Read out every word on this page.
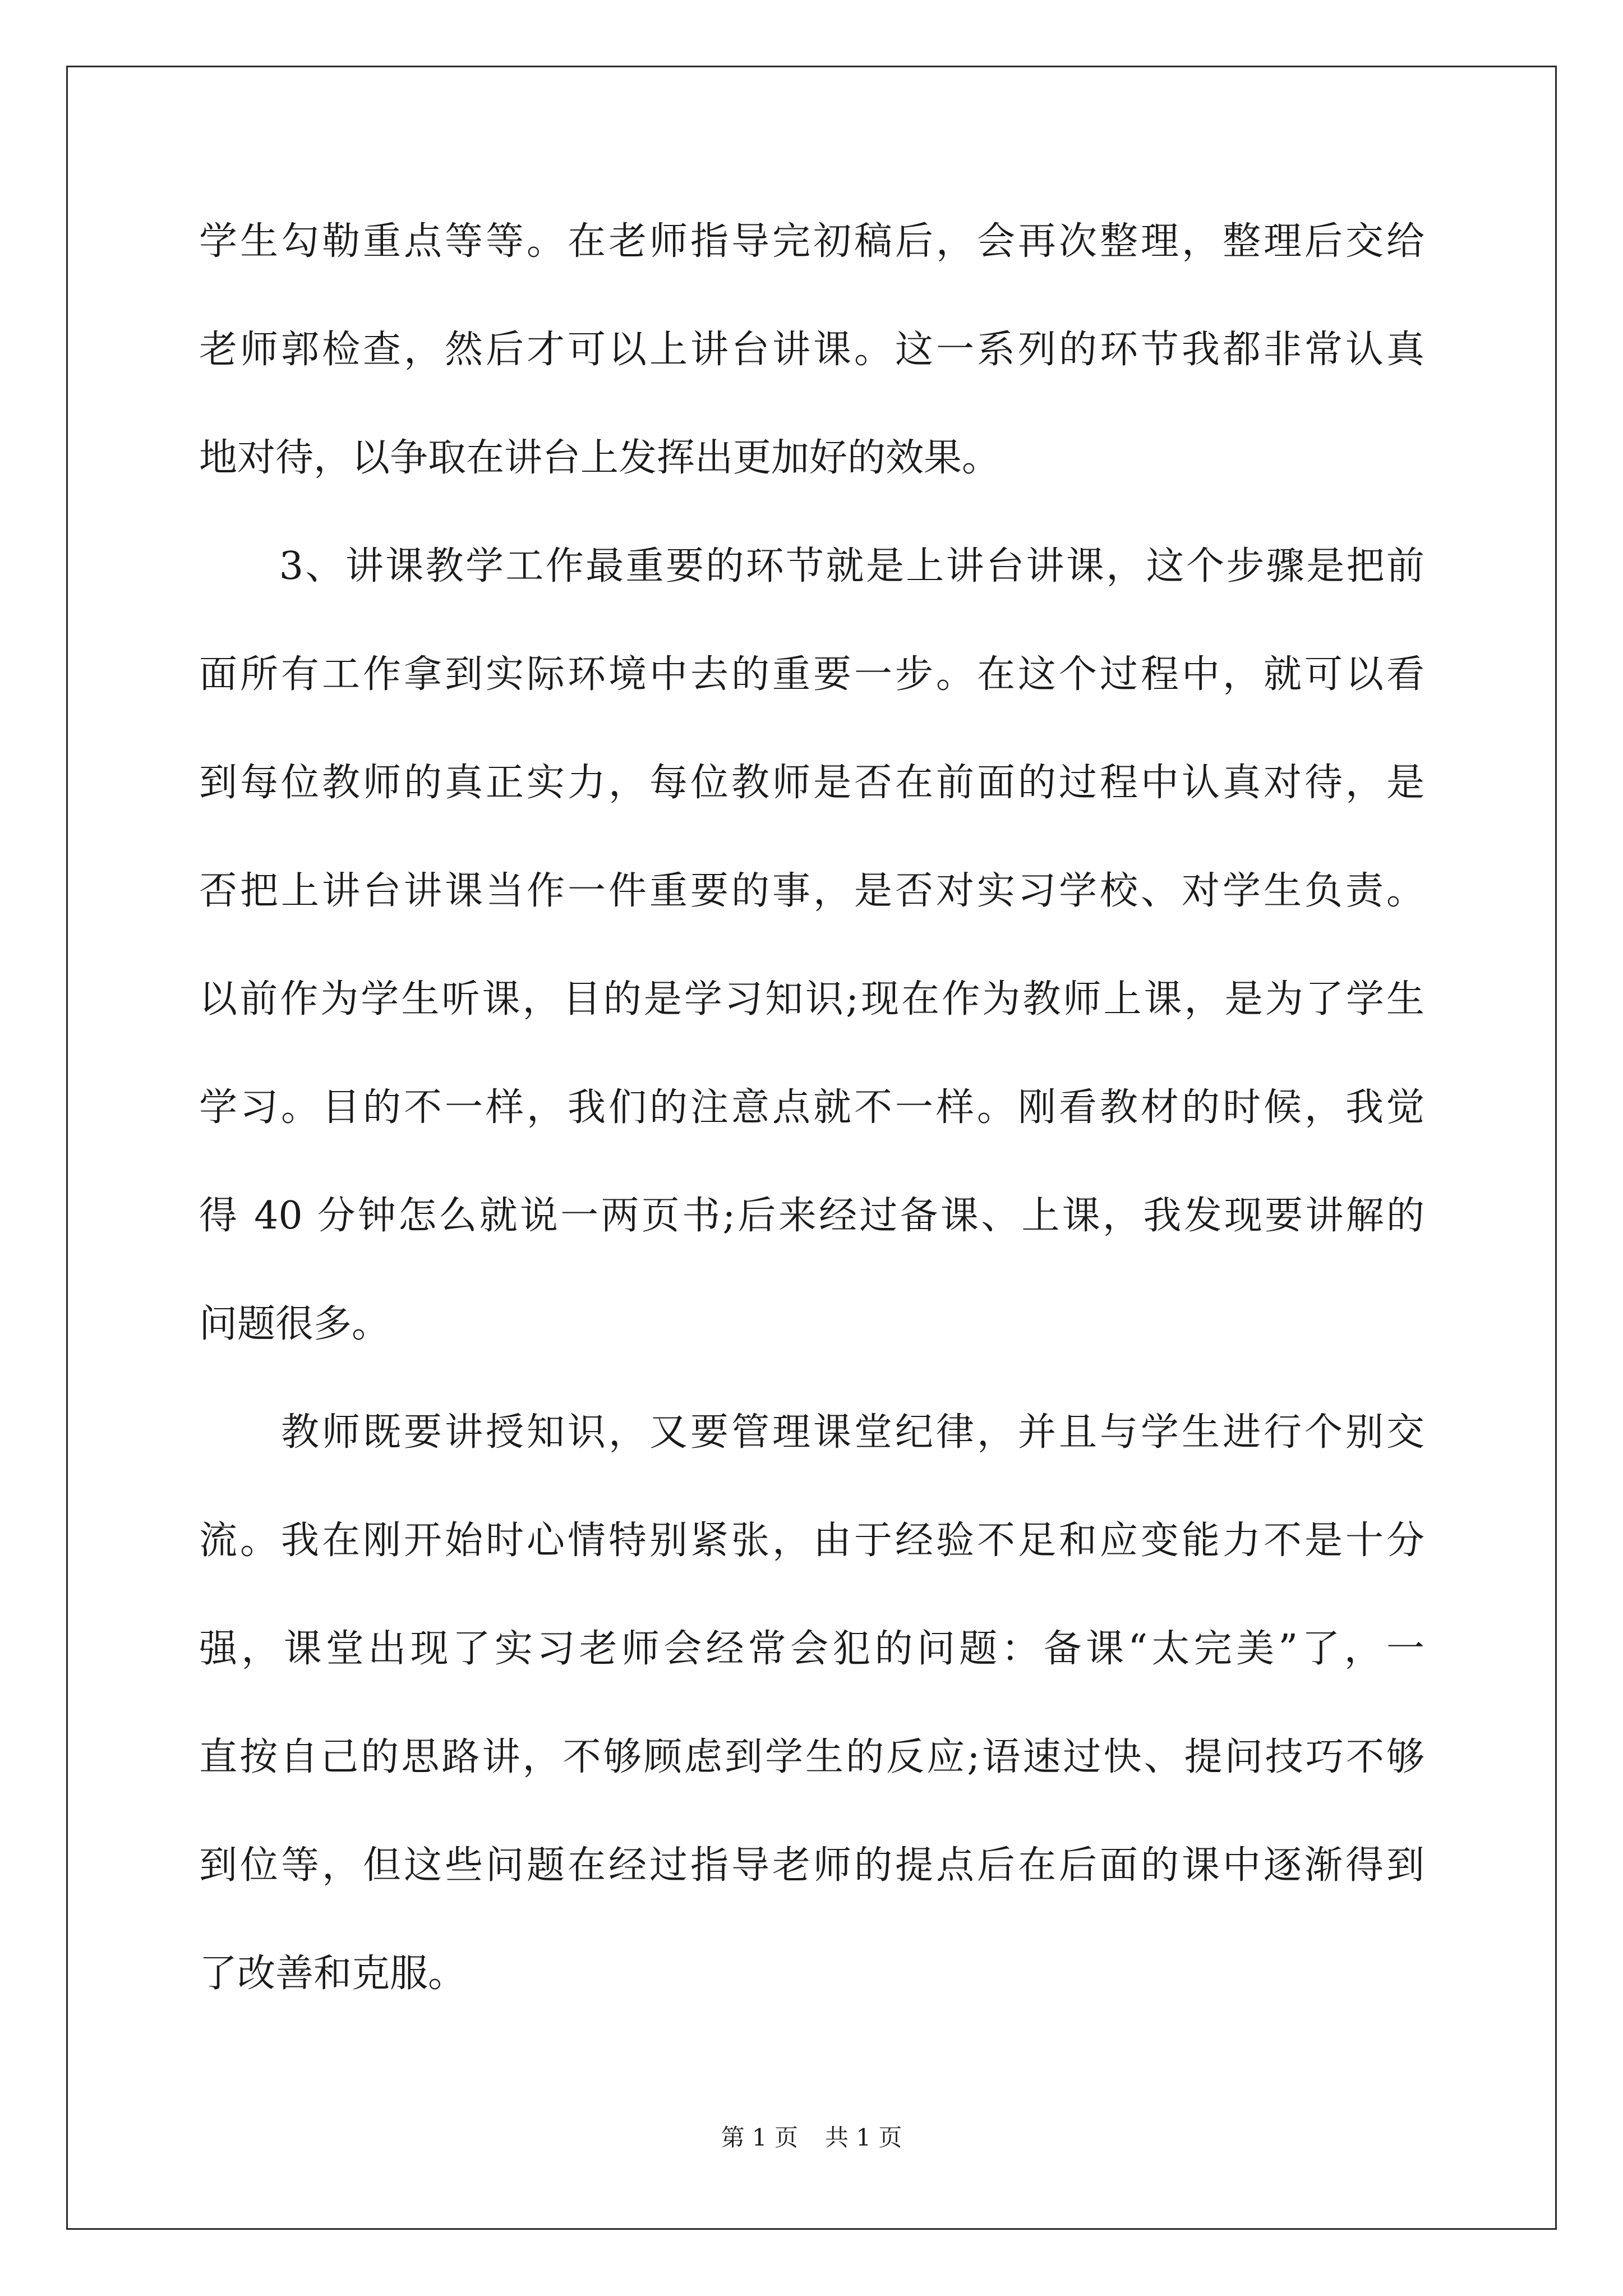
学生勾勒重点等等。在老师指导完初稿后，会再次整理，整理后交给
老师郭检查，然后才可以上讲台讲课。这一系列的环节我都非常认真
地对待，以争取在讲台上发挥出更加好的效果。
　　3、讲课教学工作最重要的环节就是上讲台讲课，这个步骤是把前
面所有工作拿到实际环境中去的重要一步。在这个过程中，就可以看
到每位教师的真正实力，每位教师是否在前面的过程中认真对待，是
否把上讲台讲课当作一件重要的事，是否对实习学校、对学生负责。
以前作为学生听课，目的是学习知识;现在作为教师上课，是为了学生
学习。目的不一样，我们的注意点就不一样。刚看教材的时候，我觉
得 40 分钟怎么就说一两页书;后来经过备课、上课，我发现要讲解的
问题很多。
　　教师既要讲授知识，又要管理课堂纪律，并且与学生进行个别交
流。我在刚开始时心情特别紧张，由于经验不足和应变能力不是十分
强，课堂出现了实习老师会经常会犯的问题：备课“太完美”了，一
直按自己的思路讲，不够顾虑到学生的反应;语速过快、提问技巧不够
到位等，但这些问题在经过指导老师的提点后在后面的课中逐渐得到
了改善和克服。
第 1 页 共 1 页
